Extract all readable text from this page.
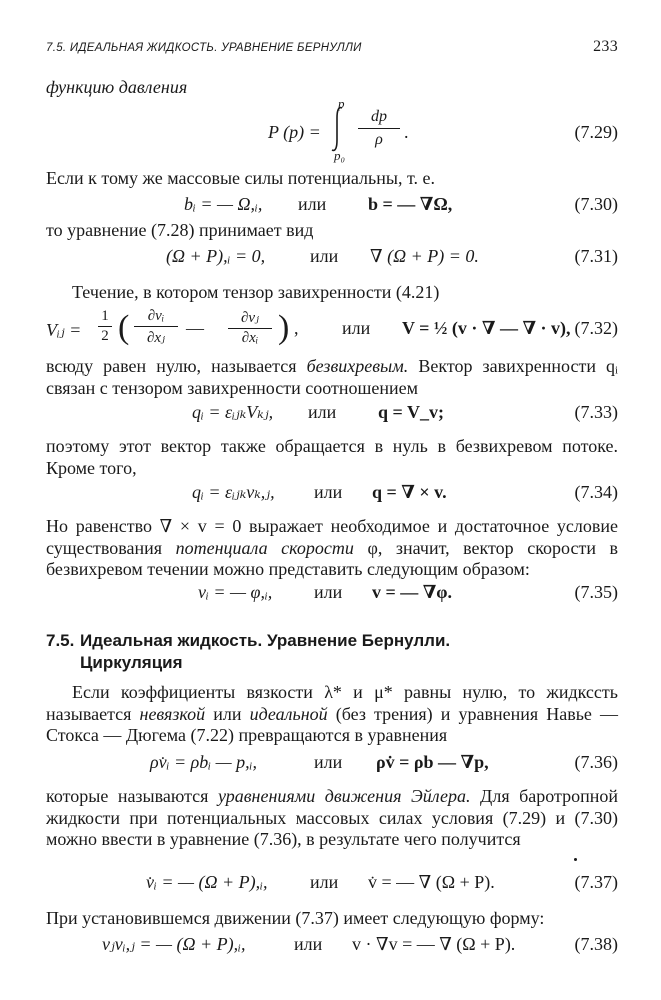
7.5. ИДЕАЛЬНАЯ ЖИДКОСТЬ. УРАВНЕНИЕ БЕРНУЛЛИ	233
функцию давления
P (p) =
p
p₀
dp
ρ	.	(7.29)
Если к тому же массовые силы потенциальны, т. е.
bᵢ = — Ω,ᵢ, или b = — ∇Ω,	(7.30)
то уравнение (7.28) принимает вид
(Ω + P),ᵢ = 0, или ∇ (Ω + P) = 0.	(7.31)
Течение, в котором тензор завихренности (4.21)
Vᵢⱼ =
1
2 (	∂vᵢ
∂xⱼ	—	∂vⱼ
∂xᵢ ) , или V = ½ (v · ∇ — ∇ · v), (7.32)
всюду равен нулю, называется безвихревым. Вектор завихренности qᵢ связан с тензором завихренности соотношением
qᵢ = εᵢⱼₖVₖⱼ, или q = V_v;	(7.33)
поэтому этот вектор также обращается в нуль в безвихревом потоке. Кроме того,
qᵢ = εᵢⱼₖvₖ,ⱼ, или q = ∇ × v.	(7.34)
Но равенство ∇ × v = 0 выражает необходимое и достаточное условие существования потенциала скорости φ, значит, вектор скорости в безвихревом течении можно представить следующим образом:
vᵢ = — φ,ᵢ, или v = — ∇φ.	(7.35)
7.5. Идеальная жидкость. Уравнение Бернулли.
Циркуляция
Если коэффициенты вязкости λ* и μ* равны нулю, то жидкссть называется невязкой или идеальной (без трения) и уравнения Навье — Стокса — Дюгема (7.22) превращаются в уравнения
ρv̇ᵢ = ρbᵢ — p,ᵢ,	или ρv̇ = ρb — ∇p,	(7.36)
которые называются уравнениями движения Эйлера. Для баротропной жидкости при потенциальных массовых силах условия (7.29) и (7.30) можно ввести в уравнение (7.36), в результате чего получится
v̇ᵢ = — (Ω + P),ᵢ, или v̇ = — ∇ (Ω + P).	(7.37)
При установившемся движении (7.37) имеет следующую форму:
vⱼvᵢ,ⱼ = — (Ω + P),ᵢ,	или v · ∇v = — ∇ (Ω + P).	(7.38)
